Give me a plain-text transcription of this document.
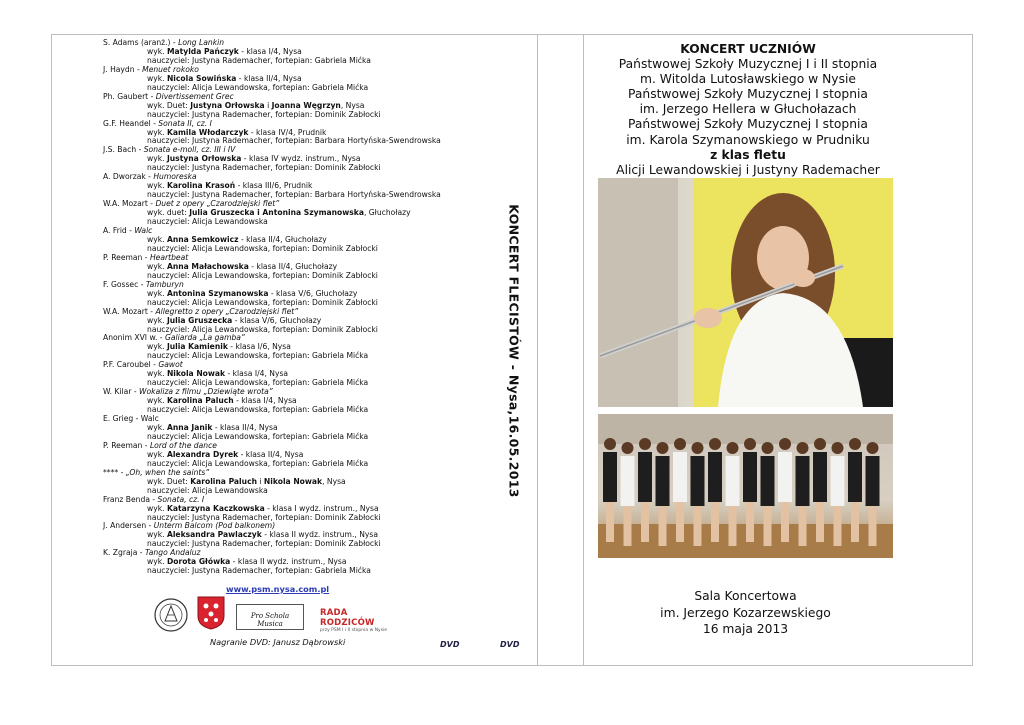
S. Adams (aranż.) - Long Lankin
wyk. Matylda Pańczyk - klasa I/4, Nysa
nauczyciel: Justyna Rademacher, fortepian: Gabriela Mićka
J. Haydn - Menuet rokoko
wyk. Nicola Sowińska - klasa II/4, Nysa
nauczyciel: Alicja Lewandowska, fortepian: Gabriela Mićka
Ph. Gaubert - Divertissement Grec
wyk. Duet: Justyna Orłowska i Joanna Węgrzyn, Nysa
nauczyciel: Justyna Rademacher, fortepian: Dominik Zabłocki
G.F. Heandel - Sonata II, cz. I
wyk. Kamila Włodarczyk - klasa IV/4, Prudnik
nauczyciel: Justyna Rademacher, fortepian: Barbara Hortyńska-Swendrowska
J.S. Bach - Sonata e-moll, cz. III i IV
wyk. Justyna Orłowska - klasa IV wydz. instrum., Nysa
nauczyciel: Justyna Rademacher, fortepian: Dominik Zabłocki
A. Dworzak - Humoreska
wyk. Karolina Krasoń - klasa III/6, Prudnik
nauczyciel: Justyna Rademacher, fortepian: Barbara Hortyńska-Swendrowska
W.A. Mozart - Duet z opery „Czarodziejski flet”
wyk. duet: Julia Gruszecka i Antonina Szymanowska, Głuchołazy
nauczyciel: Alicja Lewandowska
A. Frid - Walc
wyk. Anna Semkowicz - klasa II/4, Głuchołazy
nauczyciel: Alicja Lewandowska, fortepian: Dominik Zabłocki
P. Reeman - Heartbeat
wyk. Anna Małachowska - klasa II/4, Głuchołazy
nauczyciel: Alicja Lewandowska, fortepian: Dominik Zabłocki
F. Gossec - Tamburyn
wyk. Antonina Szymanowska - klasa V/6, Głuchołazy
nauczyciel: Alicja Lewandowska, fortepian: Dominik Zabłocki
W.A. Mozart - Allegretto z opery „Czarodziejski flet”
wyk. Julia Gruszecka - klasa V/6, Głuchołazy
nauczyciel: Alicja Lewandowska, fortepian: Dominik Zabłocki
Anonim XVI w. - Galiarda „La gamba”
wyk. Julia Kamienik - klasa I/6, Nysa
nauczyciel: Alicja Lewandowska, fortepian: Gabriela Mićka
P.F. Caroubel - Gawot
wyk. Nikola Nowak - klasa I/4, Nysa
nauczyciel: Alicja Lewandowska, fortepian: Gabriela Mićka
W. Kilar - Wokaliza z filmu „Dziewiąte wrota”
wyk. Karolina Paluch - klasa I/4, Nysa
nauczyciel: Alicja Lewandowska, fortepian: Gabriela Mićka
E. Grieg - Walc
wyk. Anna Janik - klasa II/4, Nysa
nauczyciel: Alicja Lewandowska, fortepian: Gabriela Mićka
P. Reeman - Lord of the dance
wyk. Alexandra Dyrek - klasa II/4, Nysa
nauczyciel: Alicja Lewandowska, fortepian: Gabriela Mićka
**** - „Oh, when the saints”
wyk. Duet: Karolina Paluch i Nikola Nowak, Nysa
nauczyciel: Alicja Lewandowska
Franz Benda - Sonata, cz. I
wyk. Katarzyna Kaczkowska - klasa I wydz. instrum., Nysa
nauczyciel: Justyna Rademacher, fortepian: Dominik Zabłocki
J. Andersen - Unterm Balcom (Pod balkonem)
wyk. Aleksandra Pawlaczyk - klasa II wydz. instrum., Nysa
nauczyciel: Justyna Rademacher, fortepian: Dominik Zabłocki
K. Zgraja - Tango Andaluz
wyk. Dorota Główka - klasa II wydz. instrum., Nysa
nauczyciel: Justyna Rademacher, fortepian: Gabriela Mićka
www.psm.nysa.com.pl
Pro Schola Musica
RADA RODZICÓW
przy PSM I i II stopnia w Nysie
Nagranie DVD: Janusz Dąbrowski	DVD	DVD
KONCERT FLECISTÓW - Nysa,16.05.2013
KONCERT UCZNIÓW
Państwowej Szkoły Muzycznej I i II stopnia
m. Witolda Lutosławskiego w Nysie
Państwowej Szkoły Muzycznej I stopnia
im. Jerzego Hellera w Głuchołazach
Państwowej Szkoły Muzycznej I stopnia
im. Karola Szymanowskiego w Prudniku
z klas fletu
Alicji Lewandowskiej i Justyny Rademacher
Sala Koncertowa
im. Jerzego Kozarzewskiego
16 maja 2013
